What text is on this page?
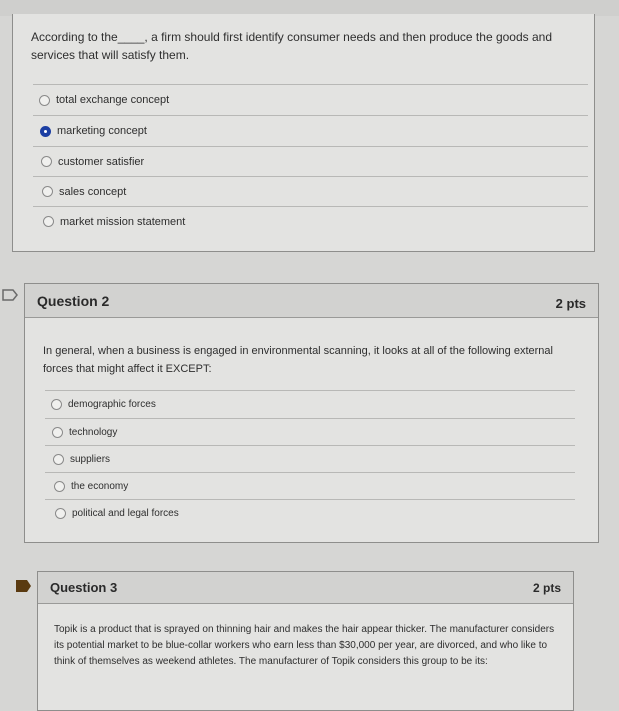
According to the____, a firm should first identify consumer needs and then produce the goods and services that will satisfy them.
total exchange concept
marketing concept
customer satisfier
sales concept
market mission statement
Question 2	2 pts
In general, when a business is engaged in environmental scanning, it looks at all of the following external forces that might affect it EXCEPT:
demographic forces
technology
suppliers
the economy
political and legal forces
Question 3	2 pts
Topik is a product that is sprayed on thinning hair and makes the hair appear thicker. The manufacturer considers its potential market to be blue-collar workers who earn less than $30,000 per year, are divorced, and who like to think of themselves as weekend athletes. The manufacturer of Topik considers this group to be its:
